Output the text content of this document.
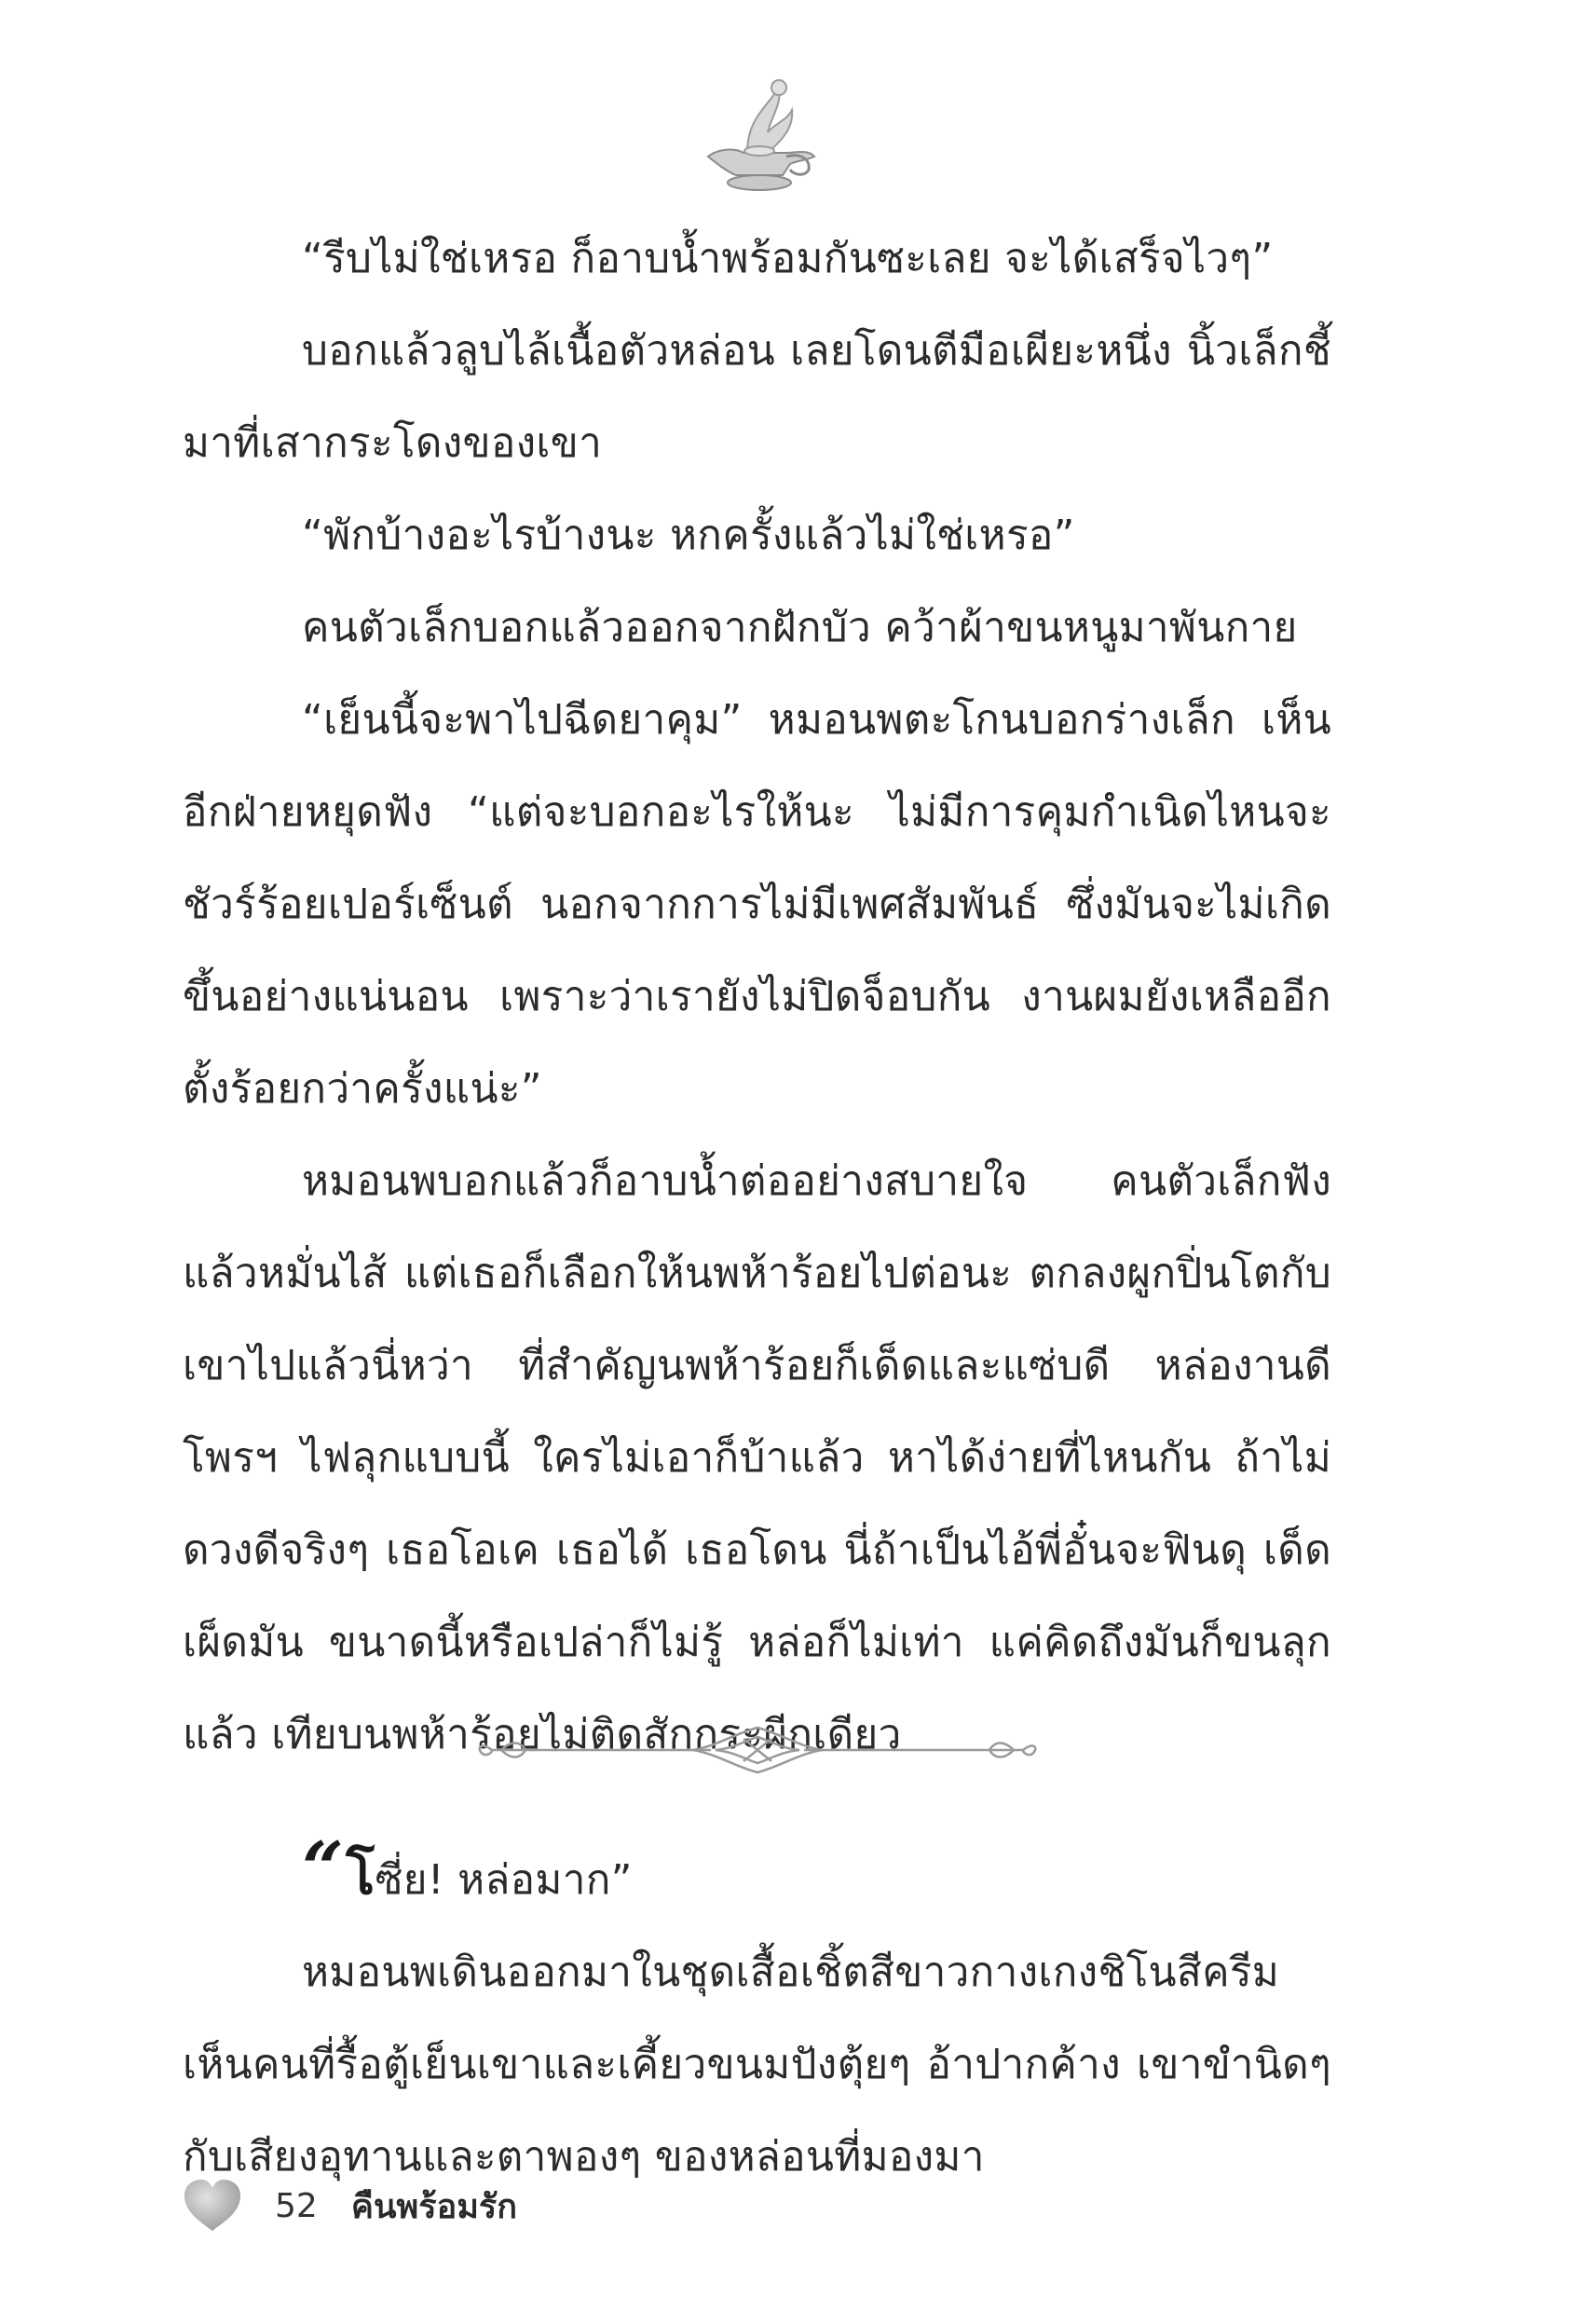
“รีบไม่ใช่เหรอ ก็อาบน้ำพร้อมกันซะเลย จะได้เสร็จไวๆ”

บอกแล้วลูบไล้เนื้อตัวหล่อน เลยโดนตีมือเผียะหนึ่ง นิ้วเล็กชี้มาที่เสากระโดงของเขา

“พักบ้างอะไรบ้างนะ หกครั้งแล้วไม่ใช่เหรอ”

คนตัวเล็กบอกแล้วออกจากฝักบัว คว้าผ้าขนหนูมาพันกาย

“เย็นนี้จะพาไปฉีดยาคุม” หมอนพตะโกนบอกร่างเล็ก เห็นอีกฝ่ายหยุดฟัง “แต่จะบอกอะไรให้นะ ไม่มีการคุมกำเนิดไหนจะชัวร์ร้อยเปอร์เซ็นต์ นอกจากการไม่มีเพศสัมพันธ์ ซึ่งมันจะไม่เกิดขึ้นอย่างแน่นอน เพราะว่าเรายังไม่ปิดจ็อบกัน งานผมยังเหลืออีกตั้งร้อยกว่าครั้งแน่ะ”

หมอนพบอกแล้วก็อาบน้ำต่ออย่างสบายใจ คนตัวเล็กฟังแล้วหมั่นไส้ แต่เธอก็เลือกให้นพห้าร้อยไปต่อนะ ตกลงผูกปิ่นโตกับเขาไปแล้วนี่หว่า ที่สำคัญนพห้าร้อยก็เด็ดและแซ่บดี หล่องานดีโพรฯ ไฟลุกแบบนี้ ใครไม่เอาก็บ้าแล้ว หาได้ง่ายที่ไหนกัน ถ้าไม่ดวงดีจริงๆ เธอโอเค เธอได้ เธอโดน นี่ถ้าเป็นไอ้พี่อั๋นจะฟินดุ เด็ด เผ็ดมัน ขนาดนี้หรือเปล่าก็ไม่รู้ หล่อก็ไม่เท่า แค่คิดถึงมันก็ขนลุกแล้ว เทียบนพห้าร้อยไม่ติดสักกระผีกเดียว

“โซี่ย! หล่อมาก”

หมอนพเดินออกมาในชุดเสื้อเชิ้ตสีขาวกางเกงชิโนสีครีม เห็นคนที่รื้อตู้เย็นเขาและเคี้ยวขนมปังตุ้ยๆ อ้าปากค้าง เขาขำนิดๆ กับเสียงอุทานและตาพองๆ ของหล่อนที่มองมา

52 คืนพร้อมรัก
